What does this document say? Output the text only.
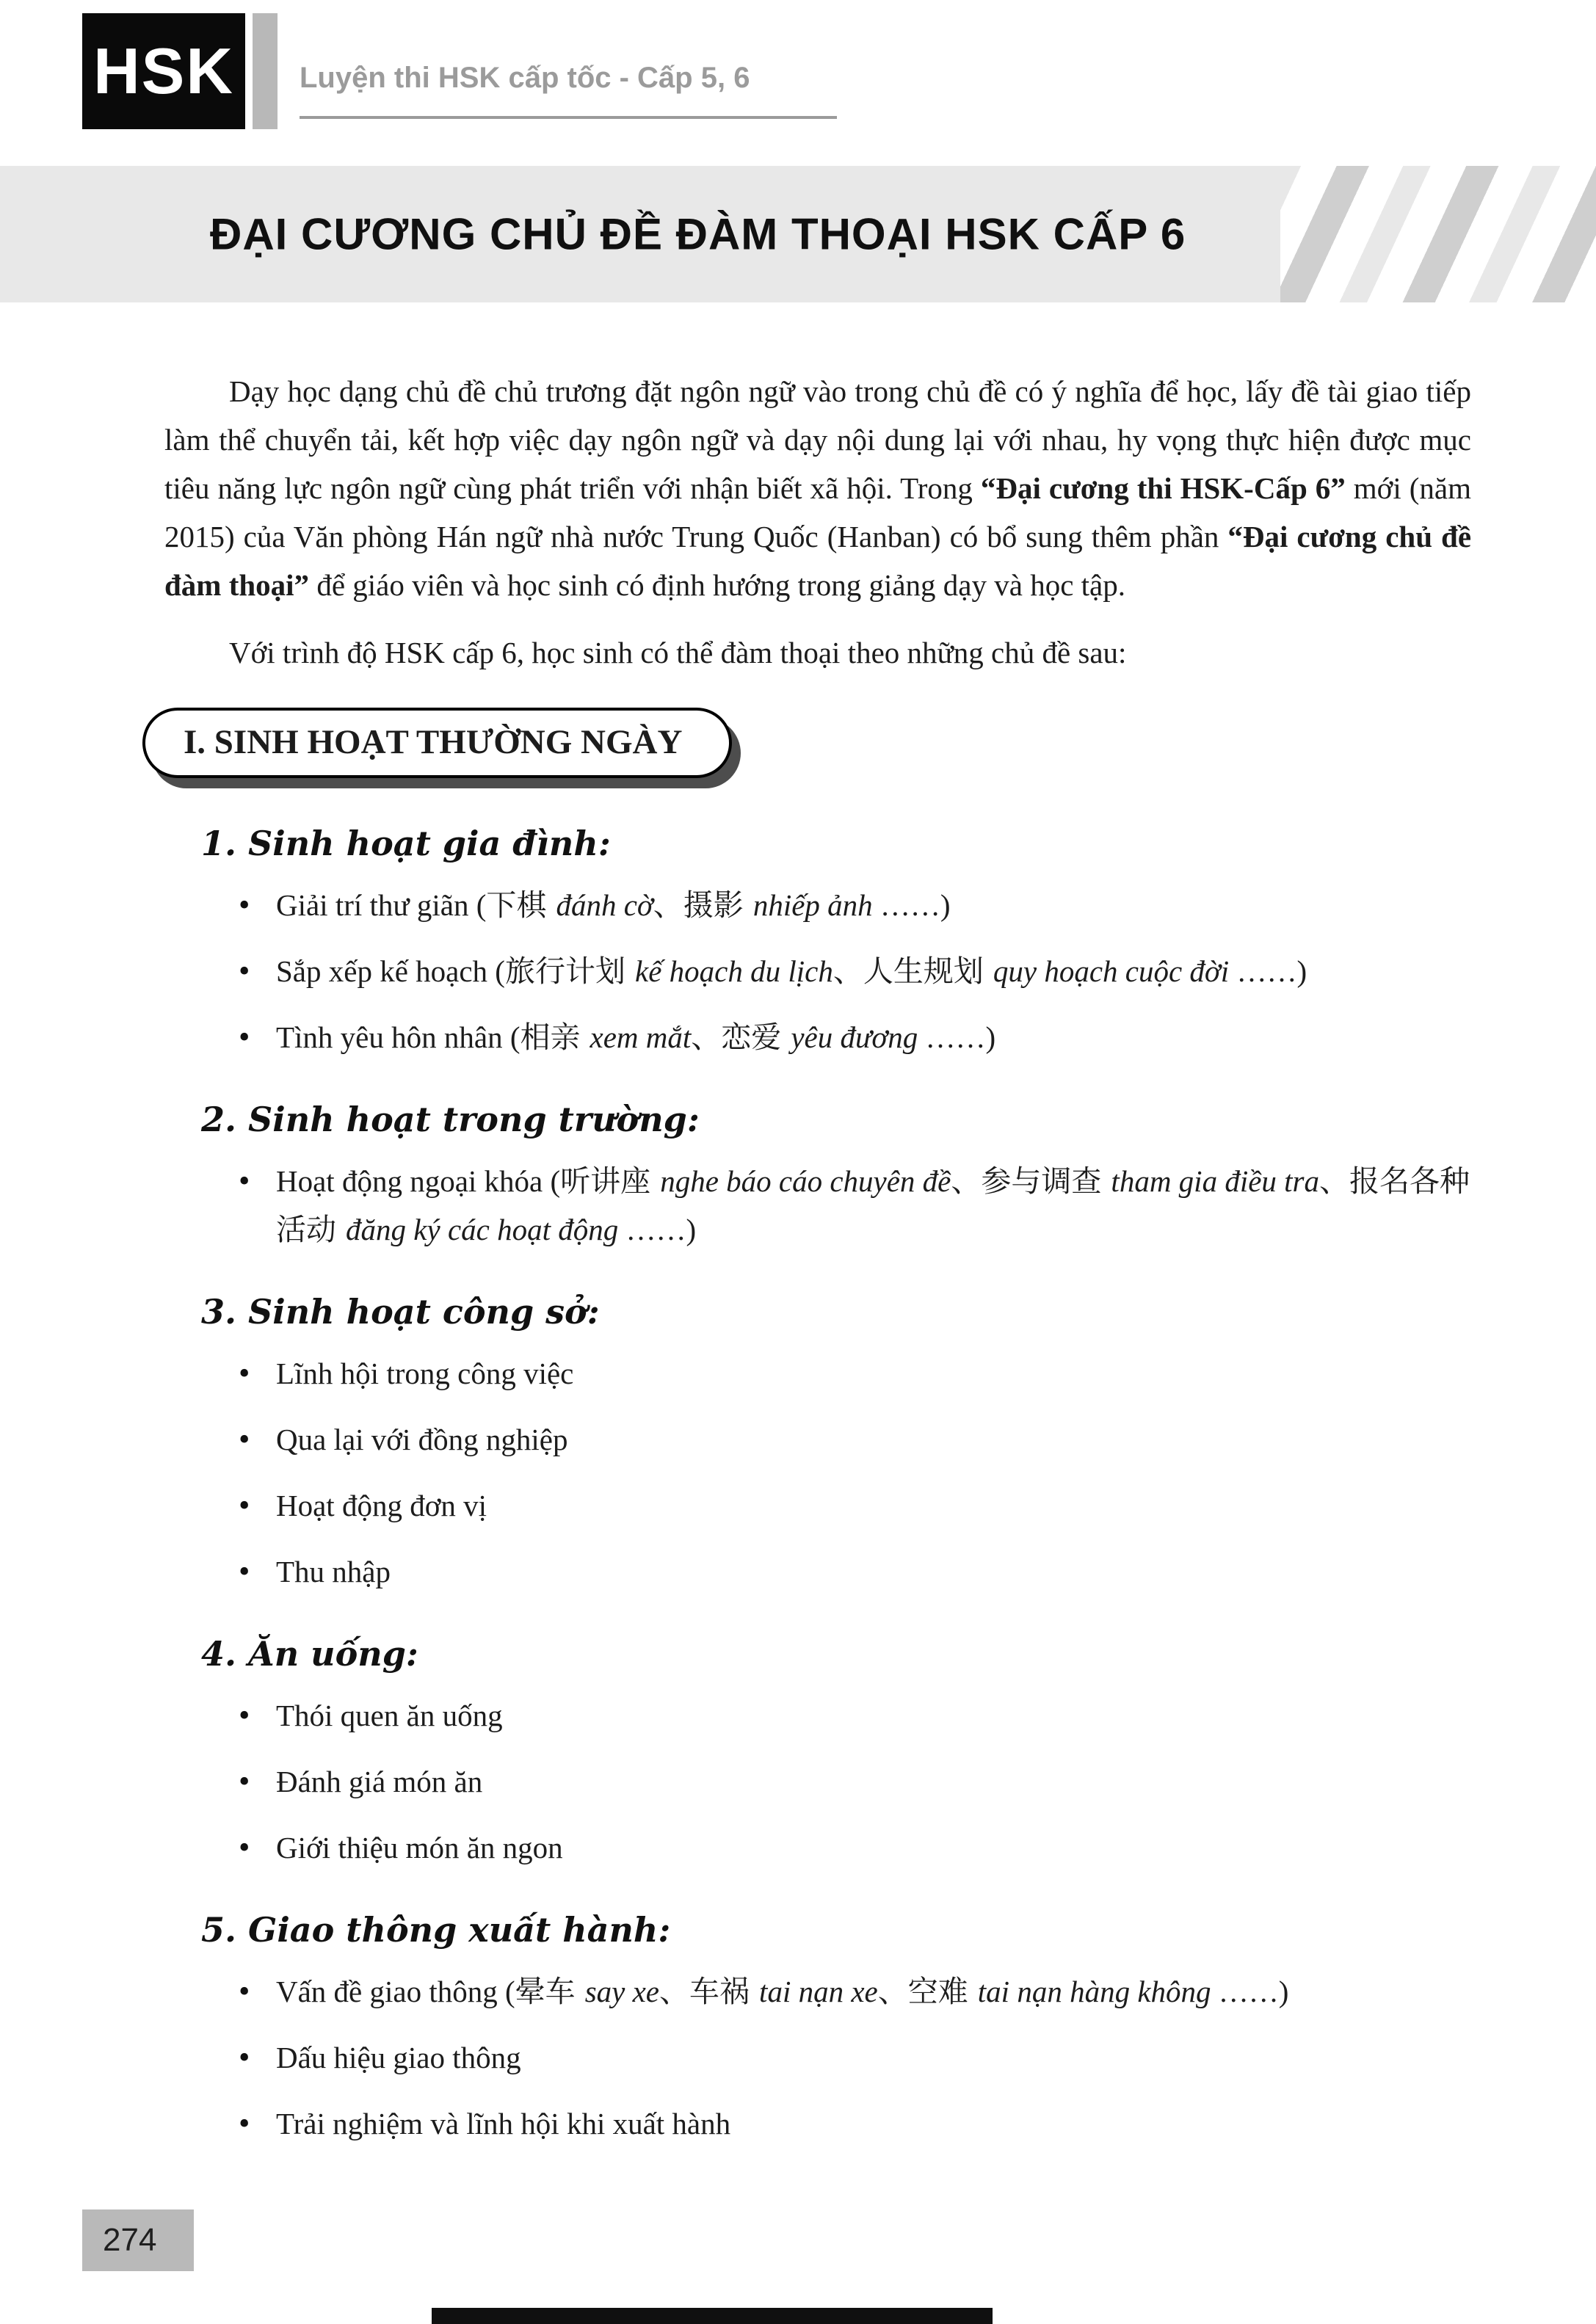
HSK Luyện thi HSK cấp tốc - Cấp 5, 6
ĐẠI CƯƠNG CHỦ ĐỀ ĐÀM THOẠI HSK CẤP 6

Dạy học dạng chủ đề chủ trương đặt ngôn ngữ vào trong chủ đề có ý nghĩa để học, lấy đề tài giao tiếp làm thể chuyển tải, kết hợp việc dạy ngôn ngữ và dạy nội dung lại với nhau, hy vọng thực hiện được mục tiêu năng lực ngôn ngữ cùng phát triển với nhận biết xã hội. Trong “Đại cương thi HSK-Cấp 6” mới (năm 2015) của Văn phòng Hán ngữ nhà nước Trung Quốc (Hanban) có bổ sung thêm phần “Đại cương chủ đề đàm thoại” để giáo viên và học sinh có định hướng trong giảng dạy và học tập.

Với trình độ HSK cấp 6, học sinh có thể đàm thoại theo những chủ đề sau:

I. SINH HOẠT THƯỜNG NGÀY
1. Sinh hoạt gia đình:
• Giải trí thư giãn (下棋 đánh cờ、摄影 nhiếp ảnh ……)
• Sắp xếp kế hoạch (旅行计划 kế hoạch du lịch、人生规划 quy hoạch cuộc đời ……)
• Tình yêu hôn nhân (相亲 xem mắt、恋爱 yêu đương ……)
2. Sinh hoạt trong trường:
• Hoạt động ngoại khóa (听讲座 nghe báo cáo chuyên đề、参与调查 tham gia điều tra、报名各种活动 đăng ký các hoạt động ……)
3. Sinh hoạt công sở:
• Lĩnh hội trong công việc
• Qua lại với đồng nghiệp
• Hoạt động đơn vị
• Thu nhập
4. Ăn uống:
• Thói quen ăn uống
• Đánh giá món ăn
• Giới thiệu món ăn ngon
5. Giao thông xuất hành:
• Vấn đề giao thông (晕车 say xe、车祸 tai nạn xe、空难 tai nạn hàng không ……)
• Dấu hiệu giao thông
• Trải nghiệm và lĩnh hội khi xuất hành
274
